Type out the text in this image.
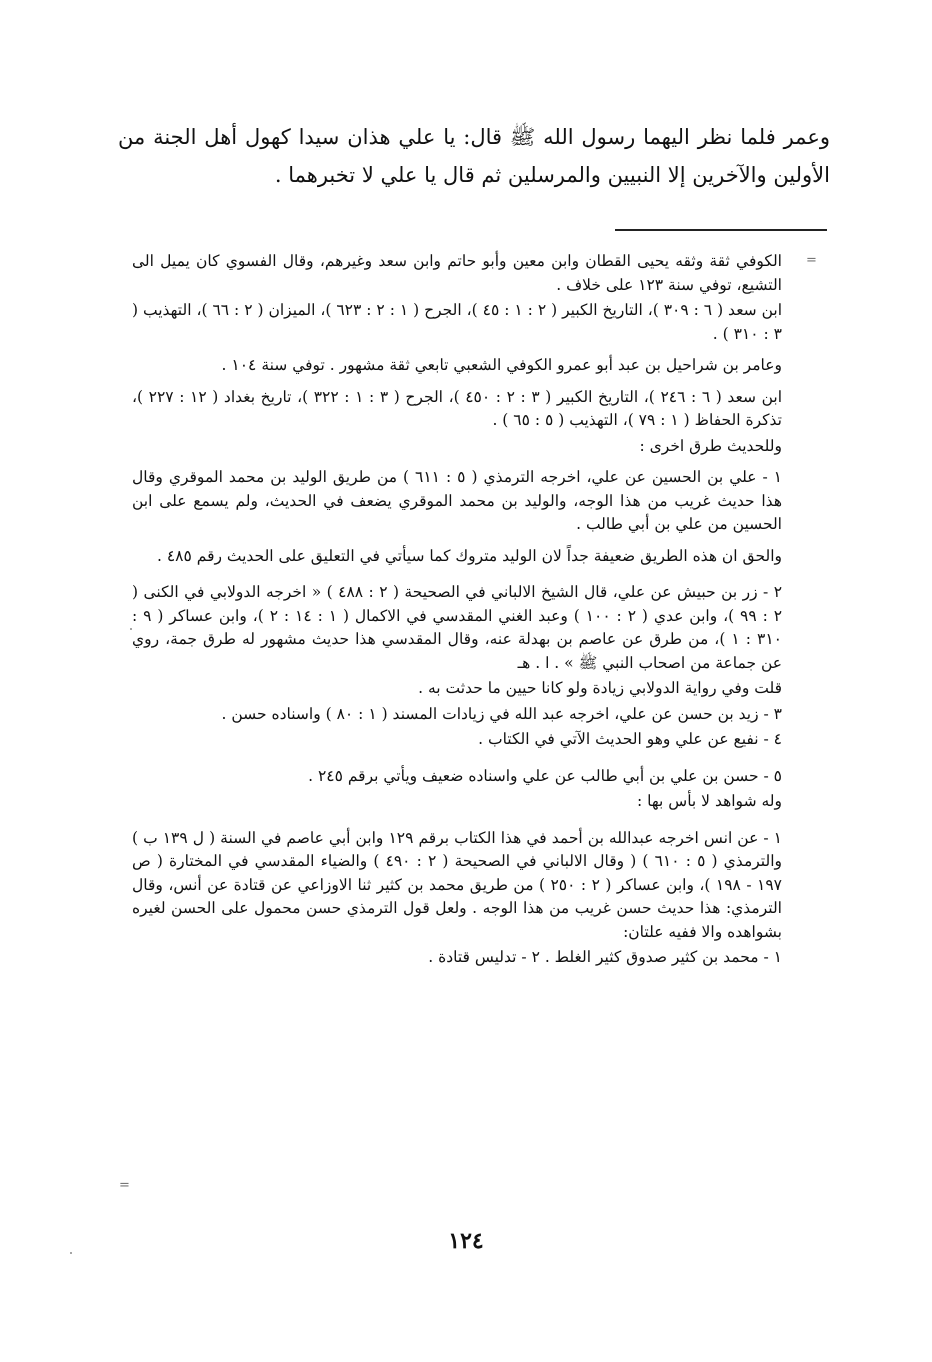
وعمر فلما نظر اليهما رسول الله ﷺ قال: يا علي هذان سيدا كهول أهل الجنة من الأولين والآخرين إلا النبيين والمرسلين ثم قال يا علي لا تخبرهما .

=

الكوفي ثقة وثقه يحيى القطان وابن معين وأبو حاتم وابن سعد وغيرهم، وقال الفسوي كان يميل الى التشيع، توفي سنة ١٢٣ على خلاف .

ابن سعد ( ٦ : ٣٠٩ )، التاريخ الكبير ( ٢ : ١ : ٤٥ )، الجرح ( ١ : ٢ : ٦٢٣ )، الميزان ( ٢ : ٦٦ )، التهذيب ( ٣ : ٣١٠ ) .

وعامر بن شراحيل بن عبد أبو عمرو الكوفي الشعبي تابعي ثقة مشهور . توفي سنة ١٠٤ .

ابن سعد ( ٦ : ٢٤٦ )، التاريخ الكبير ( ٣ : ٢ : ٤٥٠ )، الجرح ( ٣ : ١ : ٣٢٢ )، تاريخ بغداد ( ١٢ : ٢٢٧ )، تذكرة الحفاظ ( ١ : ٧٩ )، التهذيب ( ٥ : ٦٥ ) .

وللحديث طرق اخرى :

١ - علي بن الحسين عن علي، اخرجه الترمذي ( ٥ : ٦١١ ) من طريق الوليد بن محمد الموقري وقال هذا حديث غريب من هذا الوجه، والوليد بن محمد الموقري يضعف في الحديث، ولم يسمع على ابن الحسين من علي بن أبي طالب .

والحق ان هذه الطريق ضعيفة جداً لان الوليد متروك كما سيأتي في التعليق على الحديث رقم ٤٨٥ .

٢ - زر بن حبيش عن علي، قال الشيخ الالباني في الصحيحة ( ٢ : ٤٨٨ ) « اخرجه الدولابي في الكنى ( ٢ : ٩٩ )، وابن عدي ( ٢ : ١٠٠ ) وعبد الغني المقدسي في الاكمال ( ١ : ١٤ : ٢ )، وابن عساكر ( ٩ : ٣١٠ : ١ )، من طرق عن عاصم بن بهدلة عنه، وقال المقدسي هذا حديث مشهور له طرق جمة، روي عن جماعة من اصحاب النبي ﷺ » . ا . هـ

قلت وفي رواية الدولابي زيادة ولو كانا حيين ما حدثت به .

٣ - زيد بن حسن عن علي، اخرجه عبد الله في زيادات المسند ( ١ : ٨٠ ) واسناده حسن .

٤ - نفيع عن علي وهو الحديث الآتي في الكتاب .

٥ - حسن بن علي بن أبي طالب عن علي واسناده ضعيف ويأتي برقم ٢٤٥ .

وله شواهد لا بأس بها :

١ - عن انس اخرجه عبدالله بن أحمد في هذا الكتاب برقم ١٢٩ وابن أبي عاصم في السنة ( ل ١٣٩ ب ) والترمذي ( ٥ : ٦١٠ ) ( وقال الالباني في الصحيحة ( ٢ : ٤٩٠ ) والضياء المقدسي في المختارة ( ص ١٩٧ - ١٩٨ )، وابن عساكر ( ٢ : ٢٥٠ ) من طريق محمد بن كثير ثنا الاوزاعي عن قتادة عن أنس، وقال الترمذي: هذا حديث حسن غريب من هذا الوجه . ولعل قول الترمذي حسن محمول على الحسن لغيره بشواهده والا ففيه علتان:

١ - محمد بن كثير صدوق كثير الغلط . ٢ - تدليس قتادة .

=
١٢٤
